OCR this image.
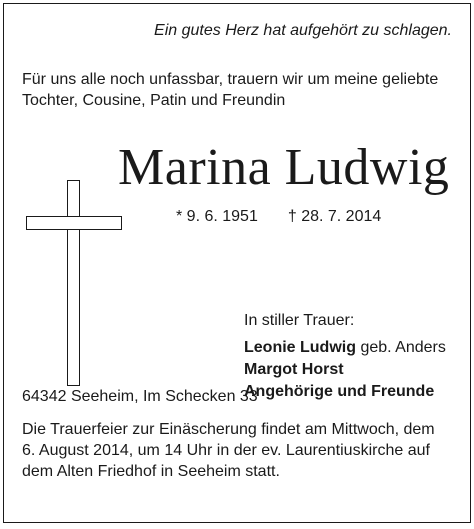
Ein gutes Herz hat aufgehört zu schlagen.
Für uns alle noch unfassbar, trauern wir um meine geliebte
Tochter, Cousine, Patin und Freundin
Marina Ludwig
* 9. 6. 1951 † 28. 7. 2014
In stiller Trauer:
Leonie Ludwig geb. Anders
Margot Horst
Angehörige und Freunde
64342 Seeheim, Im Schecken 33
Die Trauerfeier zur Einäscherung findet am Mittwoch, dem
6. August 2014, um 14 Uhr in der ev. Laurentiuskirche auf
dem Alten Friedhof in Seeheim statt.
